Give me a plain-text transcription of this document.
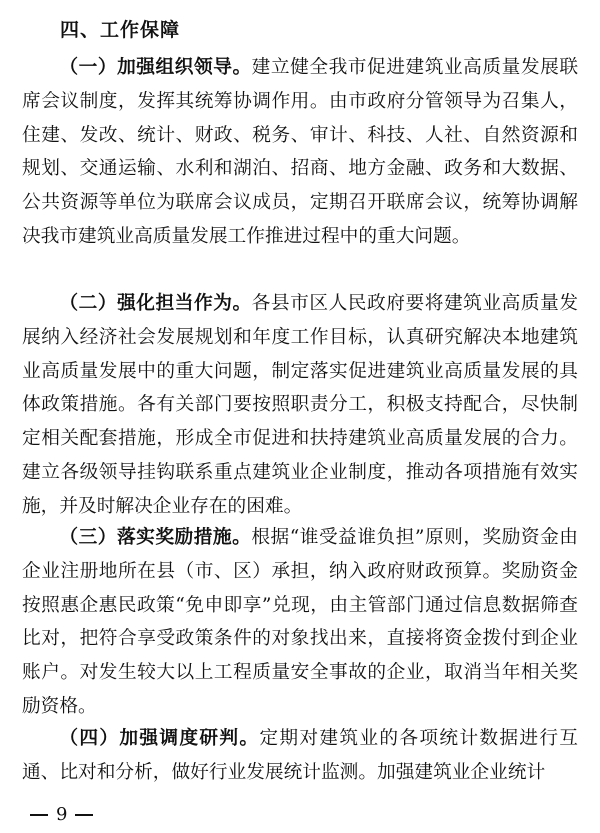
四、工作保障

（一）加强组织领导。建立健全我市促进建筑业高质量发展联席会议制度，发挥其统筹协调作用。由市政府分管领导为召集人，住建、发改、统计、财政、税务、审计、科技、人社、自然资源和规划、交通运输、水利和湖泊、招商、地方金融、政务和大数据、公共资源等单位为联席会议成员，定期召开联席会议，统筹协调解决我市建筑业高质量发展工作推进过程中的重大问题。

（二）强化担当作为。各县市区人民政府要将建筑业高质量发展纳入经济社会发展规划和年度工作目标，认真研究解决本地建筑业高质量发展中的重大问题，制定落实促进建筑业高质量发展的具体政策措施。各有关部门要按照职责分工，积极支持配合，尽快制定相关配套措施，形成全市促进和扶持建筑业高质量发展的合力。建立各级领导挂钩联系重点建筑业企业制度，推动各项措施有效实施，并及时解决企业存在的困难。

（三）落实奖励措施。根据“谁受益谁负担”原则，奖励资金由企业注册地所在县（市、区）承担，纳入政府财政预算。奖励资金按照惠企惠民政策“免申即享”兑现，由主管部门通过信息数据筛查比对，把符合享受政策条件的对象找出来，直接将资金拨付到企业账户。对发生较大以上工程质量安全事故的企业，取消当年相关奖励资格。

（四）加强调度研判。定期对建筑业的各项统计数据进行互通、比对和分析，做好行业发展统计监测。加强建筑业企业统计

9
